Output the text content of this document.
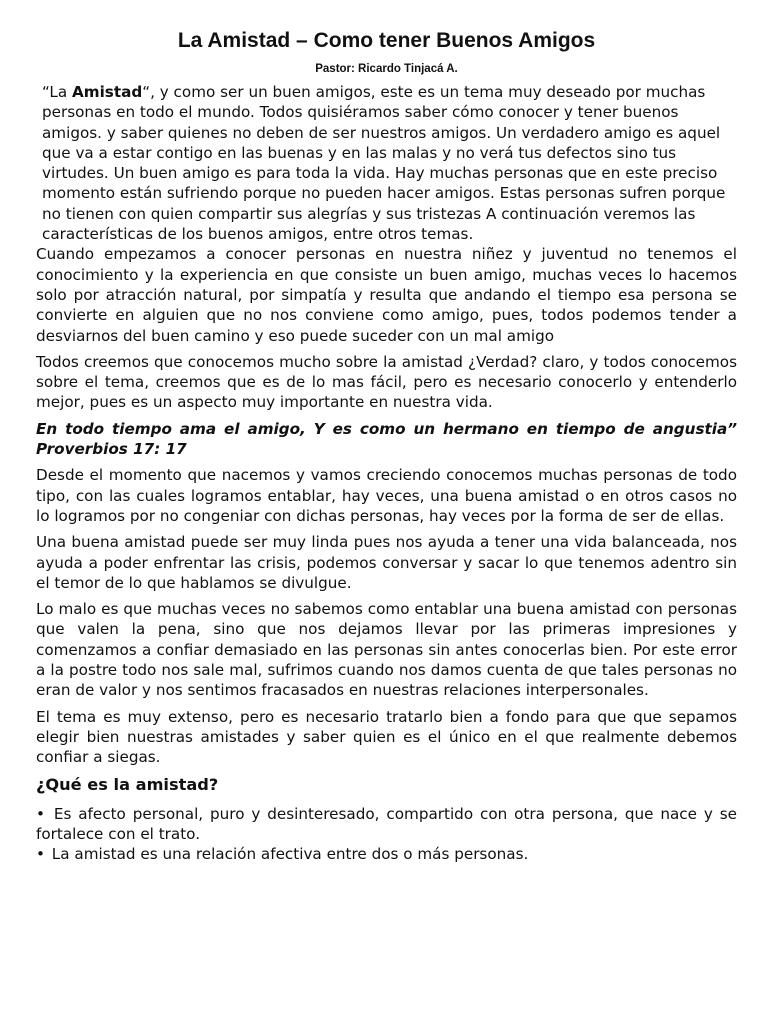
La Amistad – Como tener Buenos Amigos
Pastor: Ricardo Tinjacá A.

“La Amistad“, y como ser un buen amigos, este es un tema muy deseado por muchas personas en todo el mundo. Todos quisiéramos saber cómo conocer y tener buenos amigos. y saber quienes no deben de ser nuestros amigos. Un verdadero amigo es aquel que va a estar contigo en las buenas y en las malas y no verá tus defectos sino tus virtudes. Un buen amigo es para toda la vida. Hay muchas personas que en este preciso momento están sufriendo porque no pueden hacer amigos. Estas personas sufren porque no tienen con quien compartir sus alegrías y sus tristezas A continuación veremos las características de los buenos amigos, entre otros temas.

Cuando empezamos a conocer personas en nuestra niñez y juventud no tenemos el conocimiento y la experiencia en que consiste un buen amigo, muchas veces lo hacemos solo por atracción natural, por simpatía y resulta que andando el tiempo esa persona se convierte en alguien que no nos conviene como amigo, pues, todos podemos tender a desviarnos del buen camino y eso puede suceder con un mal amigo

Todos creemos que conocemos mucho sobre la amistad ¿Verdad? claro, y todos conocemos sobre el tema, creemos que es de lo mas fácil, pero es necesario conocerlo y entenderlo mejor, pues es un aspecto muy importante en nuestra vida.

En todo tiempo ama el amigo, Y es como un hermano en tiempo de angustia” Proverbios 17: 17

Desde el momento que nacemos y vamos creciendo conocemos muchas personas de todo tipo, con las cuales logramos entablar, hay veces, una buena amistad o en otros casos no lo logramos por no congeniar con dichas personas, hay veces por la forma de ser de ellas.

Una buena amistad puede ser muy linda pues nos ayuda a tener una vida balanceada, nos ayuda a poder enfrentar las crisis, podemos conversar y sacar lo que tenemos adentro sin el temor de lo que hablamos se divulgue.

Lo malo es que muchas veces no sabemos como entablar una buena amistad con personas que valen la pena, sino que nos dejamos llevar por las primeras impresiones y comenzamos a confiar demasiado en las personas sin antes conocerlas bien. Por este error a la postre todo nos sale mal, sufrimos cuando nos damos cuenta de que tales personas no eran de valor y nos sentimos fracasados en nuestras relaciones interpersonales.

El tema es muy extenso, pero es necesario tratarlo bien a fondo para que que sepamos elegir bien nuestras amistades y saber quien es el único en el que realmente debemos confiar a siegas.

¿Qué es la amistad?
• Es afecto personal, puro y desinteresado, compartido con otra persona, que nace y se fortalece con el trato.
• La amistad es una relación afectiva entre dos o más personas.
